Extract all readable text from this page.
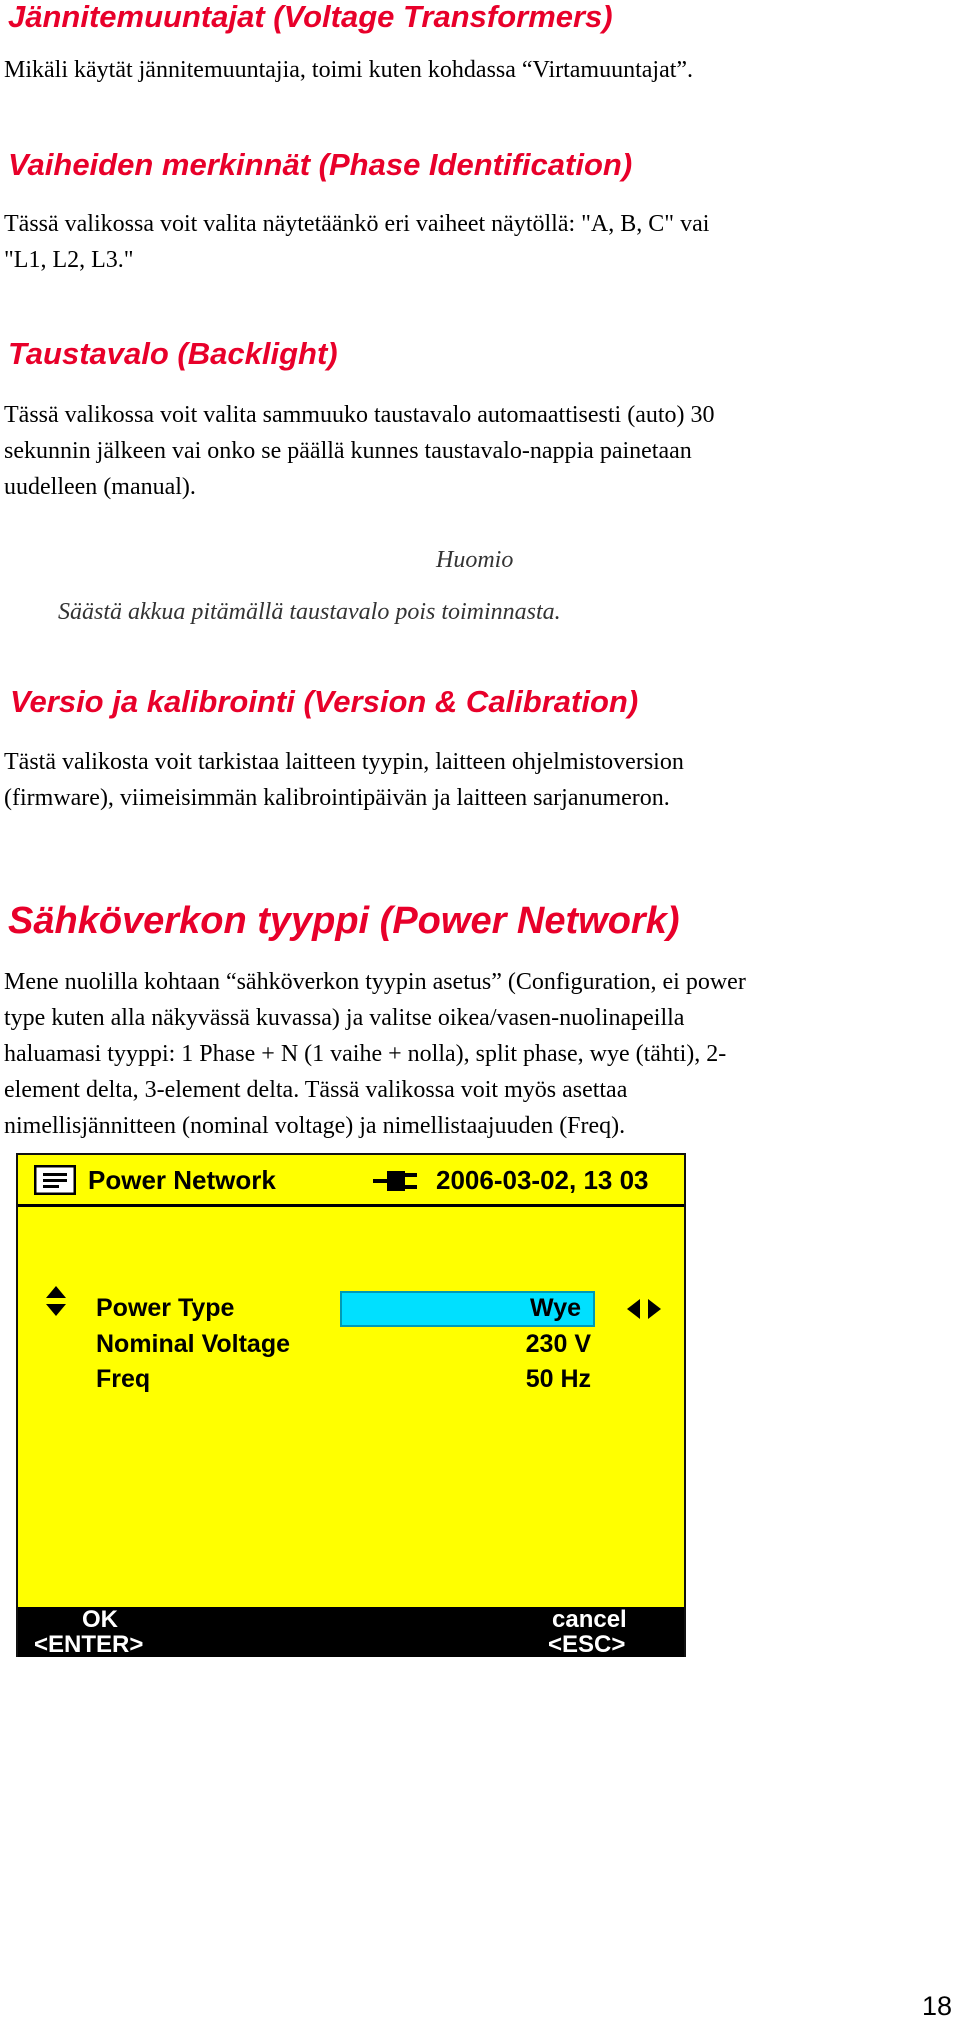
Jännitemuuntajat (Voltage Transformers)

Mikäli käytät jännitemuuntajia, toimi kuten kohdassa “Virtamuuntajat”.

Vaiheiden merkinnät (Phase Identification)

Tässä valikossa voit valita näytetäänkö eri vaiheet näytöllä: "A, B, C" vai

"L1, L2, L3."

Taustavalo (Backlight)

Tässä valikossa voit valita sammuuko taustavalo automaattisesti (auto) 30

sekunnin jälkeen vai onko se päällä kunnes taustavalo-nappia painetaan

uudelleen (manual).

Huomio
Säästä akkua pitämällä taustavalo pois toiminnasta.
Versio ja kalibrointi (Version & Calibration)

Tästä valikosta voit tarkistaa laitteen tyypin, laitteen ohjelmistoversion

(firmware), viimeisimmän kalibrointipäivän ja laitteen sarjanumeron.

Sähköverkon tyyppi (Power Network)

Mene nuolilla kohtaan “sähköverkon tyypin asetus” (Configuration, ei power

type kuten alla näkyvässä kuvassa) ja valitse oikea/vasen-nuolinapeilla

haluamasi tyyppi: 1 Phase + N (1 vaihe + nolla), split phase, wye (tähti), 2-

element delta, 3-element delta. Tässä valikossa voit myös asettaa

nimellisjännitteen (nominal voltage) ja nimellistaajuuden (Freq).

Power Network	2006-03-02, 13 03
Power Type	Wye
Nominal Voltage	230 V
Freq	50 Hz
OK
<ENTER>
cancel
<ESC>
18
